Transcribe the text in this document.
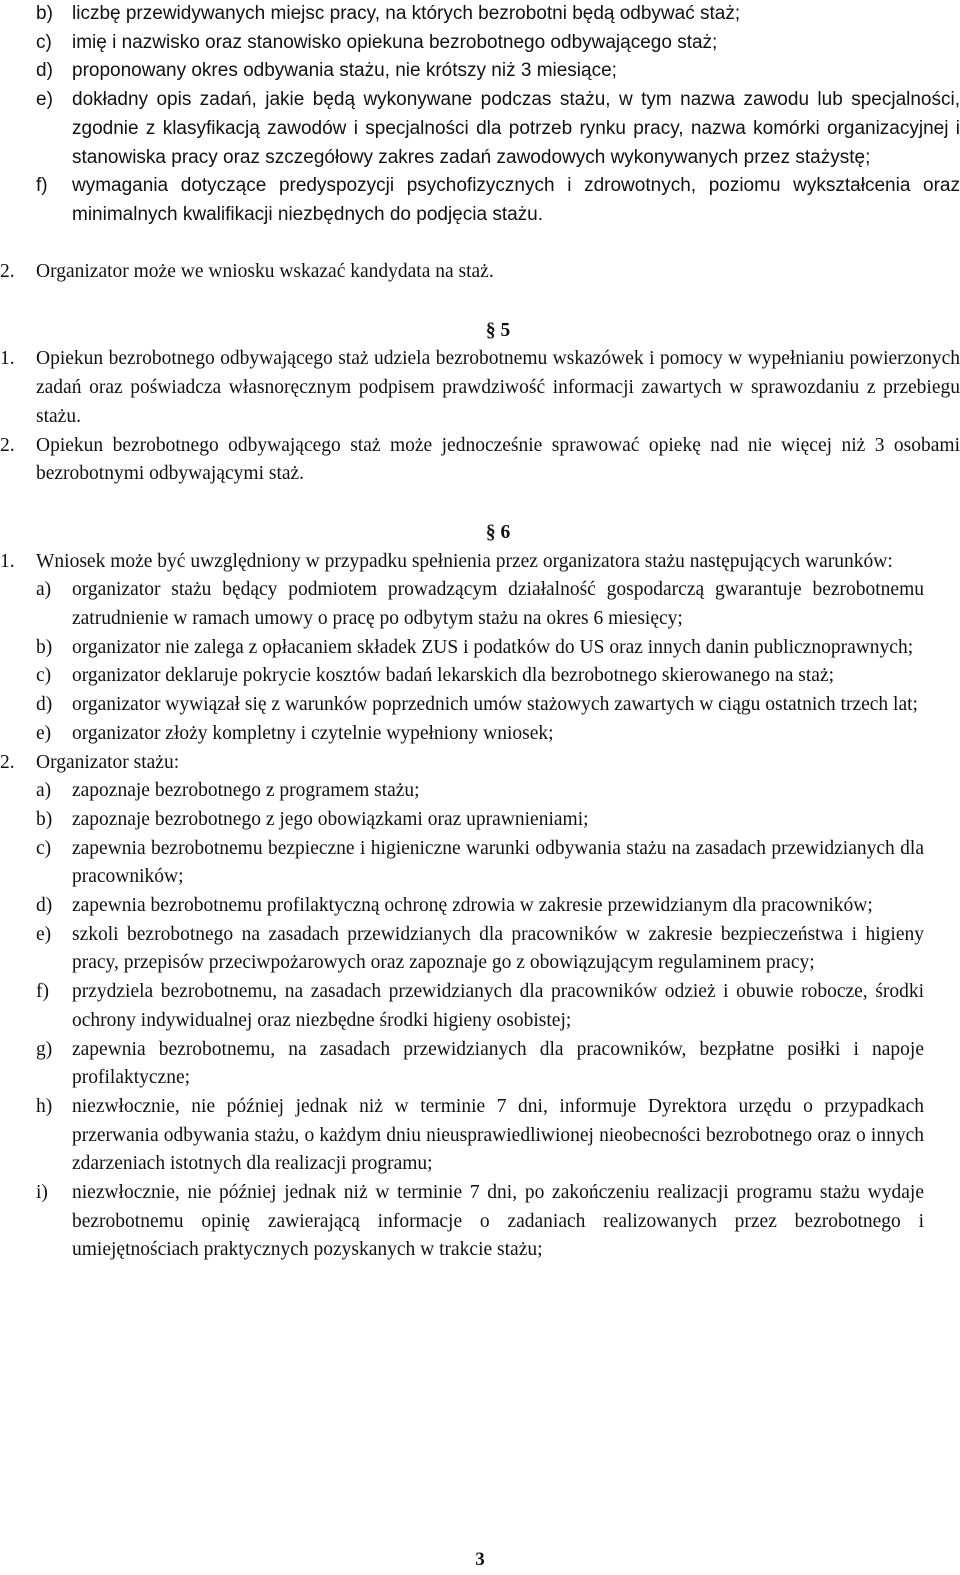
b) liczbę przewidywanych miejsc pracy, na których bezrobotni będą odbywać staż;
c) imię i nazwisko oraz stanowisko opiekuna bezrobotnego odbywającego staż;
d) proponowany okres odbywania stażu, nie krótszy niż 3 miesiące;
e) dokładny opis zadań, jakie będą wykonywane podczas stażu, w tym nazwa zawodu lub specjalności, zgodnie z klasyfikacją zawodów i specjalności dla potrzeb rynku pracy, nazwa komórki organizacyjnej i stanowiska pracy oraz szczegółowy zakres zadań zawodowych wykonywanych przez stażystę;
f) wymagania dotyczące predyspozycji psychofizycznych i zdrowotnych, poziomu wykształcenia oraz minimalnych kwalifikacji niezbędnych do podjęcia stażu.
2. Organizator może we wniosku wskazać kandydata na staż.
§ 5
1. Opiekun bezrobotnego odbywającego staż udziela bezrobotnemu wskazówek i pomocy w wypełnianiu powierzonych zadań oraz poświadcza własnoręcznym podpisem prawdziwość informacji zawartych w sprawozdaniu z przebiegu stażu.
2. Opiekun bezrobotnego odbywającego staż może jednocześnie sprawować opiekę nad nie więcej niż 3 osobami bezrobotnymi odbywającymi staż.
§ 6
1. Wniosek może być uwzględniony w przypadku spełnienia przez organizatora stażu następujących warunków:
a) organizator stażu będący podmiotem prowadzącym działalność gospodarczą gwarantuje bezrobotnemu zatrudnienie w ramach umowy o pracę po odbytym stażu na okres 6 miesięcy;
b) organizator nie zalega z opłacaniem składek ZUS i podatków do US oraz innych danin publicznoprawnych;
c) organizator deklaruje pokrycie kosztów badań lekarskich dla bezrobotnego skierowanego na staż;
d) organizator wywiązał się z warunków poprzednich umów stażowych zawartych w ciągu ostatnich trzech lat;
e) organizator złoży kompletny i czytelnie wypełniony wniosek;
2. Organizator stażu:
a) zapoznaje bezrobotnego z programem stażu;
b) zapoznaje bezrobotnego z jego obowiązkami oraz uprawnieniami;
c) zapewnia bezrobotnemu bezpieczne i higieniczne warunki odbywania stażu na zasadach przewidzianych dla pracowników;
d) zapewnia bezrobotnemu profilaktyczną ochronę zdrowia w zakresie przewidzianym dla pracowników;
e) szkoli bezrobotnego na zasadach przewidzianych dla pracowników w zakresie bezpieczeństwa i higieny pracy, przepisów przeciwpożarowych oraz zapoznaje go z obowiązującym regulaminem pracy;
f) przydziela bezrobotnemu, na zasadach przewidzianych dla pracowników odzież i obuwie robocze, środki ochrony indywidualnej oraz niezbędne środki higieny osobistej;
g) zapewnia bezrobotnemu, na zasadach przewidzianych dla pracowników, bezpłatne posiłki i napoje profilaktyczne;
h) niezwłocznie, nie później jednak niż w terminie 7 dni, informuje Dyrektora urzędu o przypadkach przerwania odbywania stażu, o każdym dniu nieusprawiedliwionej nieobecności bezrobotnego oraz o innych zdarzeniach istotnych dla realizacji programu;
i) niezwłocznie, nie później jednak niż w terminie 7 dni, po zakończeniu realizacji programu stażu wydaje bezrobotnemu opinię zawierającą informacje o zadaniach realizowanych przez bezrobotnego i umiejętnościach praktycznych pozyskanych w trakcie stażu;
3
